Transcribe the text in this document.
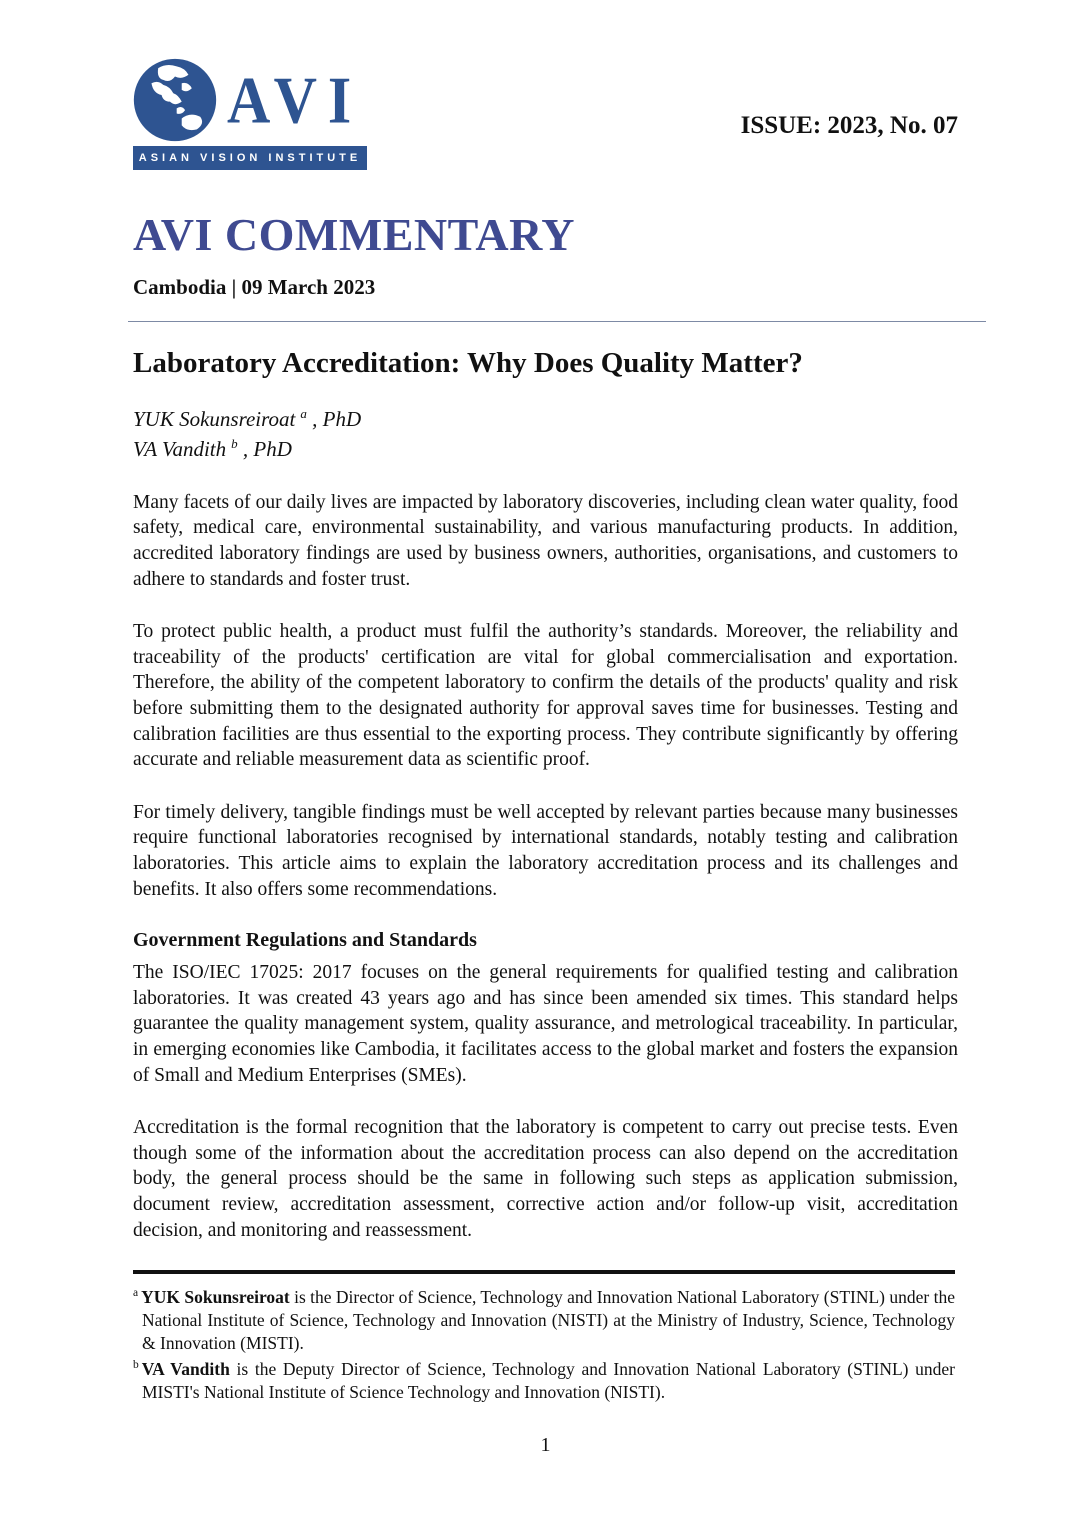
AVI
ASIAN VISION INSTITUTE
ISSUE: 2023, No. 07
AVI COMMENTARY
Cambodia | 09 March 2023
Laboratory Accreditation: Why Does Quality Matter?
YUK Sokunsreiroat $^a$ , PhD
VA Vandith $^b$ , PhD

Many facets of our daily lives are impacted by laboratory discoveries, including clean water quality, food safety, medical care, environmental sustainability, and various manufacturing products. In addition, accredited laboratory findings are used by business owners, authorities, organisations, and customers to adhere to standards and foster trust.

To protect public health, a product must fulfil the authority’s standards. Moreover, the reliability and traceability of the products' certification are vital for global commercialisation and exportation. Therefore, the ability of the competent laboratory to confirm the details of the products' quality and risk before submitting them to the designated authority for approval saves time for businesses. Testing and calibration facilities are thus essential to the exporting process. They contribute significantly by offering accurate and reliable measurement data as scientific proof.

For timely delivery, tangible findings must be well accepted by relevant parties because many businesses require functional laboratories recognised by international standards, notably testing and calibration laboratories. This article aims to explain the laboratory accreditation process and its challenges and benefits. It also offers some recommendations.

Government Regulations and Standards

The ISO/IEC 17025: 2017 focuses on the general requirements for qualified testing and calibration laboratories. It was created 43 years ago and has since been amended six times. This standard helps guarantee the quality management system, quality assurance, and metrological traceability. In particular, in emerging economies like Cambodia, it facilitates access to the global market and fosters the expansion of Small and Medium Enterprises (SMEs).

Accreditation is the formal recognition that the laboratory is competent to carry out precise tests. Even though some of the information about the accreditation process can also depend on the accreditation body, the general process should be the same in following such steps as application submission, document review, accreditation assessment, corrective action and/or follow-up visit, accreditation decision, and monitoring and reassessment.

$^a$ YUK Sokunsreiroat is the Director of Science, Technology and Innovation National Laboratory (STINL) under the National Institute of Science, Technology and Innovation (NISTI) at the Ministry of Industry, Science, Technology & Innovation (MISTI).
$^b$ VA Vandith is the Deputy Director of Science, Technology and Innovation National Laboratory (STINL) under MISTI's National Institute of Science Technology and Innovation (NISTI).
1
